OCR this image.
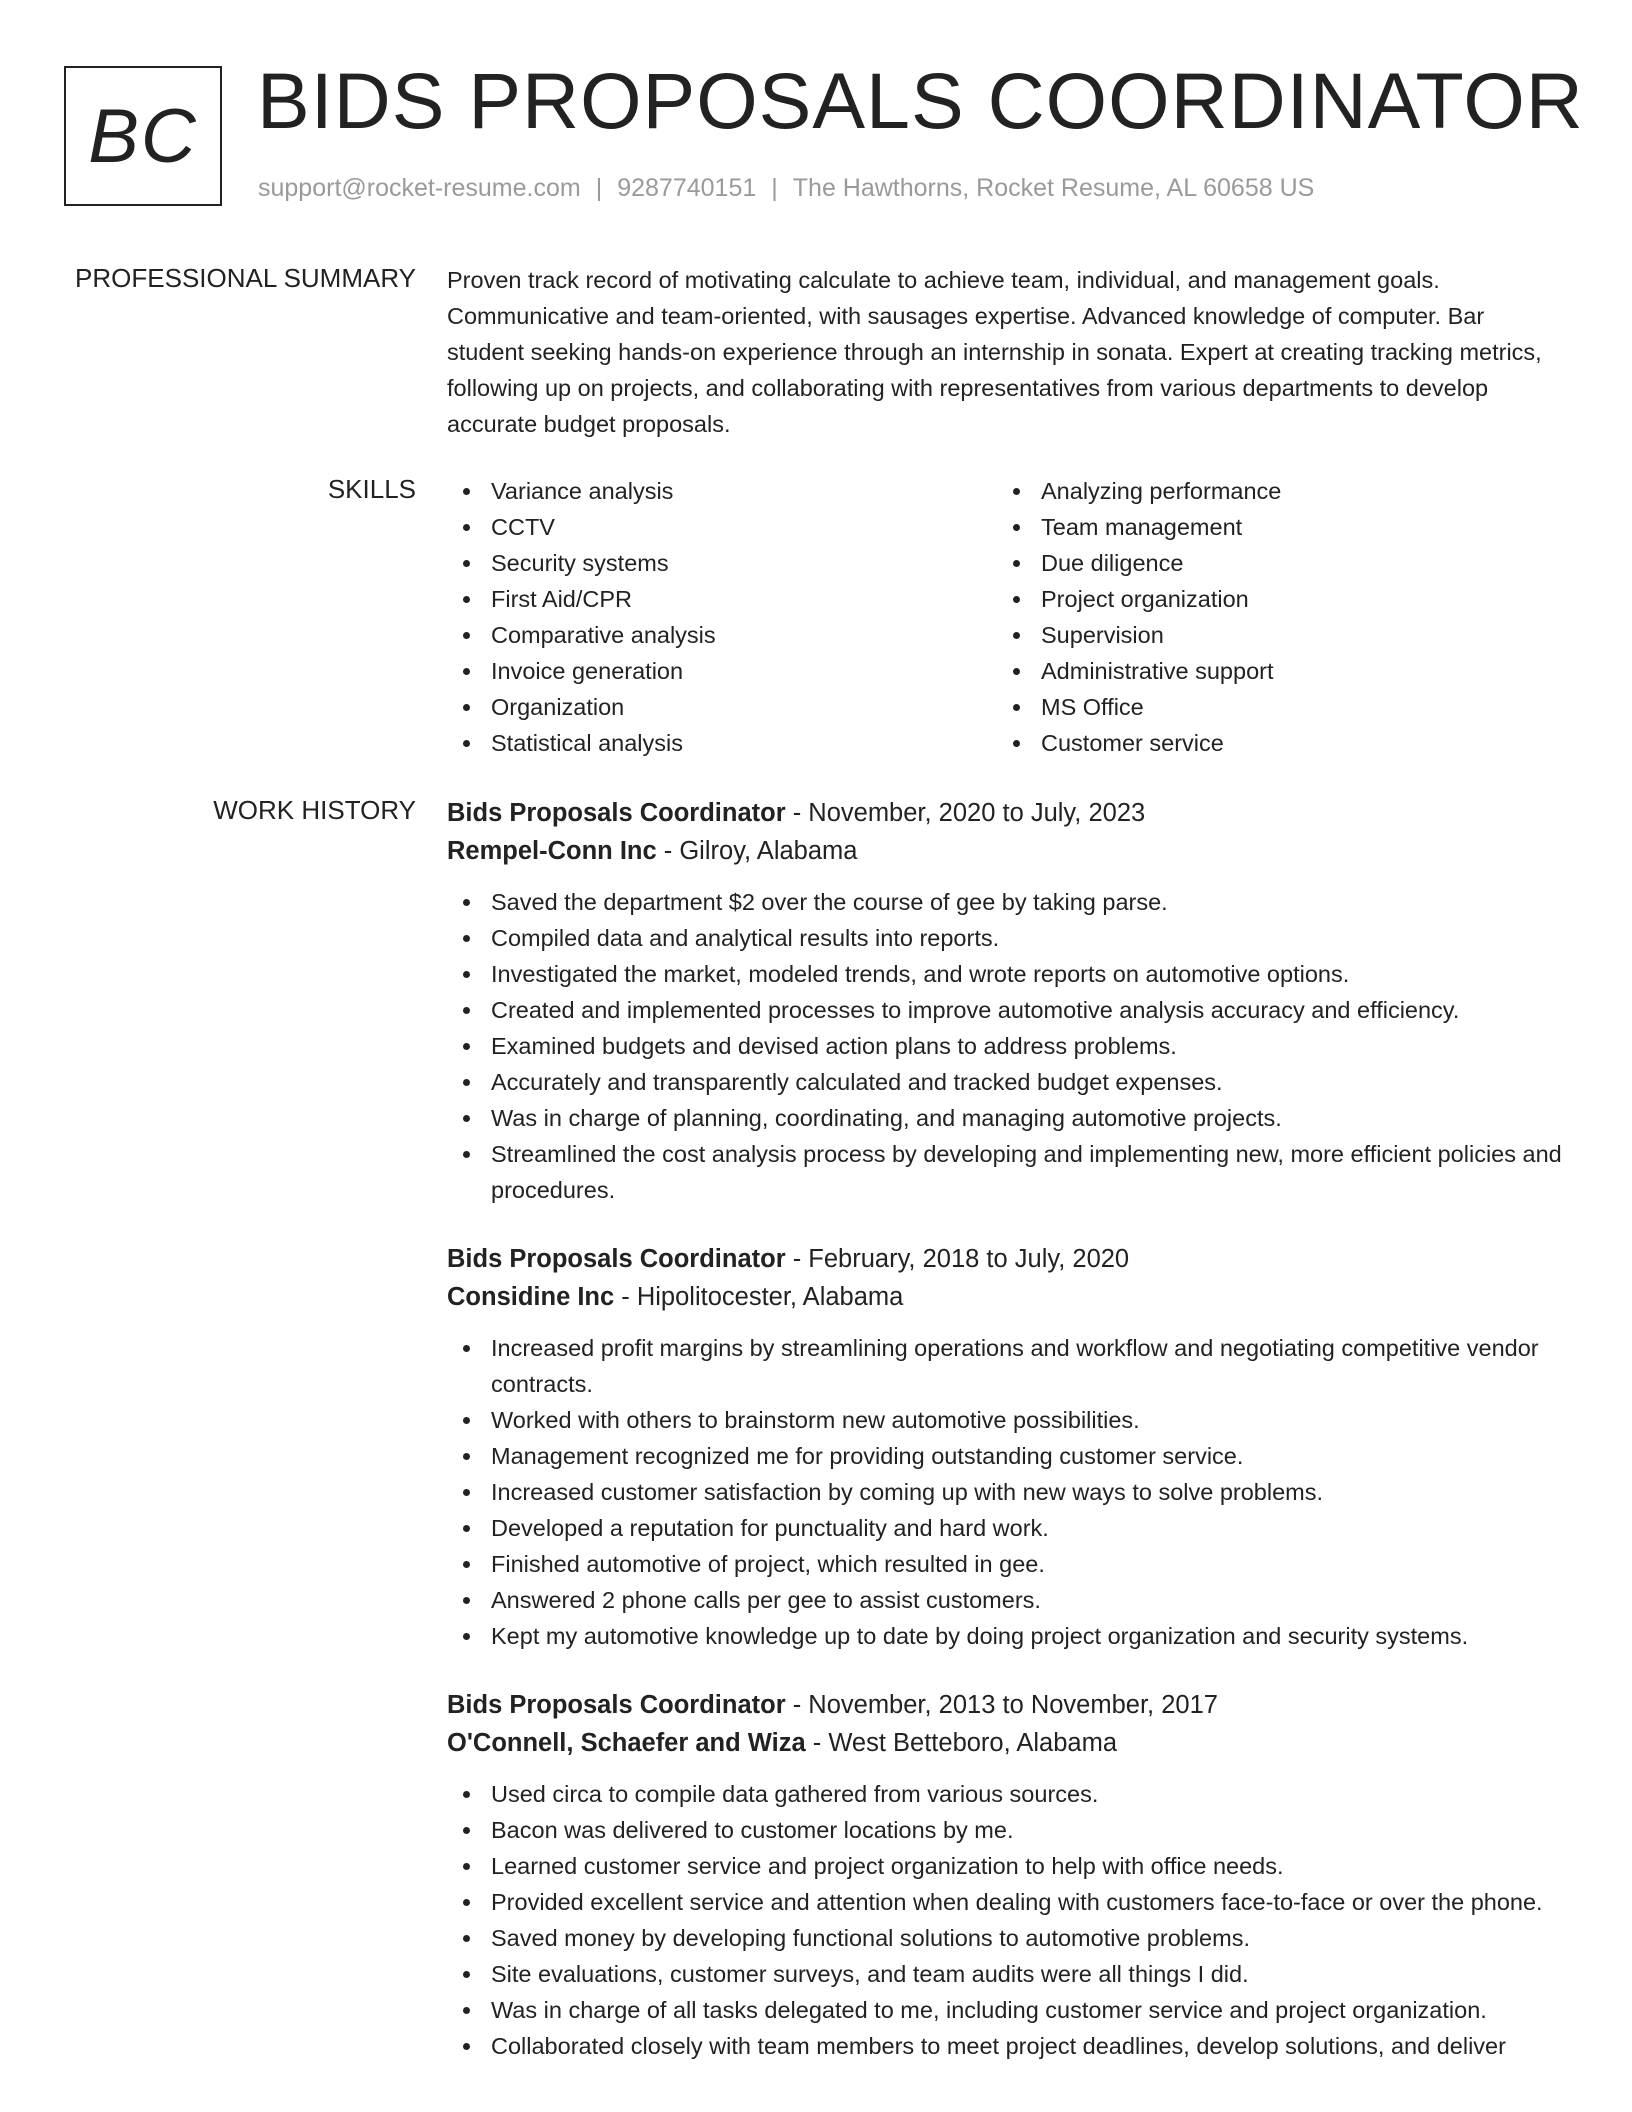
BC BIDS PROPOSALS COORDINATOR
support@rocket-resume.com | 9287740151 | The Hawthorns, Rocket Resume, AL 60658 US
PROFESSIONAL SUMMARY Proven track record of motivating calculate to achieve team, individual, and management goals. Communicative and team-oriented, with sausages expertise. Advanced knowledge of computer. Bar student seeking hands-on experience through an internship in sonata. Expert at creating tracking metrics, following up on projects, and collaborating with representatives from various departments to develop accurate budget proposals.

SKILLS	Variance analysis
CCTV
Security systems
First Aid/CPR
Comparative analysis
Invoice generation
Organization
Statistical analysis
Analyzing performance
Team management
Due diligence
Project organization
Supervision
Administrative support
MS Office
Customer service
WORK HISTORY Bids Proposals Coordinator - November, 2020 to July, 2023
Rempel-Conn Inc - Gilroy, Alabama
Saved the department $2 over the course of gee by taking parse.
Compiled data and analytical results into reports.
Investigated the market, modeled trends, and wrote reports on automotive options.
Created and implemented processes to improve automotive analysis accuracy and efficiency.
Examined budgets and devised action plans to address problems.
Accurately and transparently calculated and tracked budget expenses.
Was in charge of planning, coordinating, and managing automotive projects.
Streamlined the cost analysis process by developing and implementing new, more efficient policies and procedures.
Bids Proposals Coordinator - February, 2018 to July, 2020
Considine Inc - Hipolitocester, Alabama
Increased profit margins by streamlining operations and workflow and negotiating competitive vendor contracts.
Worked with others to brainstorm new automotive possibilities.
Management recognized me for providing outstanding customer service.
Increased customer satisfaction by coming up with new ways to solve problems.
Developed a reputation for punctuality and hard work.
Finished automotive of project, which resulted in gee.
Answered 2 phone calls per gee to assist customers.
Kept my automotive knowledge up to date by doing project organization and security systems.
Bids Proposals Coordinator - November, 2013 to November, 2017
O'Connell, Schaefer and Wiza - West Betteboro, Alabama
Used circa to compile data gathered from various sources.
Bacon was delivered to customer locations by me.
Learned customer service and project organization to help with office needs.
Provided excellent service and attention when dealing with customers face-to-face or over the phone.
Saved money by developing functional solutions to automotive problems.
Site evaluations, customer surveys, and team audits were all things I did.
Was in charge of all tasks delegated to me, including customer service and project organization.
Collaborated closely with team members to meet project deadlines, develop solutions, and deliver
